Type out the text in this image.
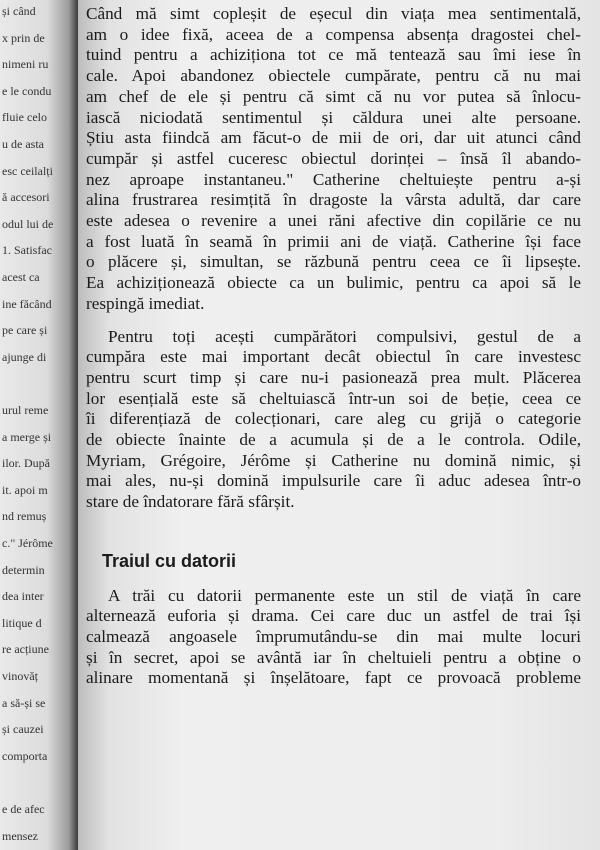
și când
x prin de
nimeni ru
e le condu
fluie celo
u de asta
esc ceilalți
ă accesori
odul lui de
1. Satisfac
acest ca
ine făcând
pe care și
ajunge di
urul reme
a merge și
ilor. După
it. apoi m
nd remuș
c." Jérôme
determin
dea inter
litique d
re acțiune
vinovăț
a să-și se
și cauzei
comporta
e de afec
mensez
Când mă simt copleșit de eșecul din viața mea sentimentală,
am o idee fixă, aceea de a compensa absența dragostei chel-
tuind pentru a achiziționa tot ce mă tentează sau îmi iese în
cale. Apoi abandonez obiectele cumpărate, pentru că nu mai
am chef de ele și pentru că simt că nu vor putea să înlocu-
iască niciodată sentimentul și căldura unei alte persoane.
Știu asta fiindcă am făcut-o de mii de ori, dar uit atunci când
cumpăr și astfel cuceresc obiectul dorinței – însă îl abando-
nez aproape instantaneu." Catherine cheltuiește pentru a-și
alina frustrarea resimțită în dragoste la vârsta adultă, dar care
este adesea o revenire a unei răni afective din copilărie ce nu
a fost luată în seamă în primii ani de viață. Catherine își face
o plăcere și, simultan, se răzbună pentru ceea ce îi lipsește.
Ea achiziționează obiecte ca un bulimic, pentru ca apoi să le
respingă imediat.
Pentru toți acești cumpărători compulsivi, gestul de a
cumpăra este mai important decât obiectul în care investesc
pentru scurt timp și care nu-i pasionează prea mult. Plăcerea
lor esențială este să cheltuiască într-un soi de beție, ceea ce
îi diferențiază de colecționari, care aleg cu grijă o categorie
de obiecte înainte de a acumula și de a le controla. Odile,
Myriam, Grégoire, Jérôme și Catherine nu domină nimic, și
mai ales, nu-și domină impulsurile care îi aduc adesea într-o
stare de îndatorare fără sfârșit.
Traiul cu datorii
A trăi cu datorii permanente este un stil de viață în care
alternează euforia și drama. Cei care duc un astfel de trai își
calmează angoasele împrumutându-se din mai multe locuri
și în secret, apoi se avântă iar în cheltuieli pentru a obține o
alinare momentană și înșelătoare, fapt ce provoacă probleme
